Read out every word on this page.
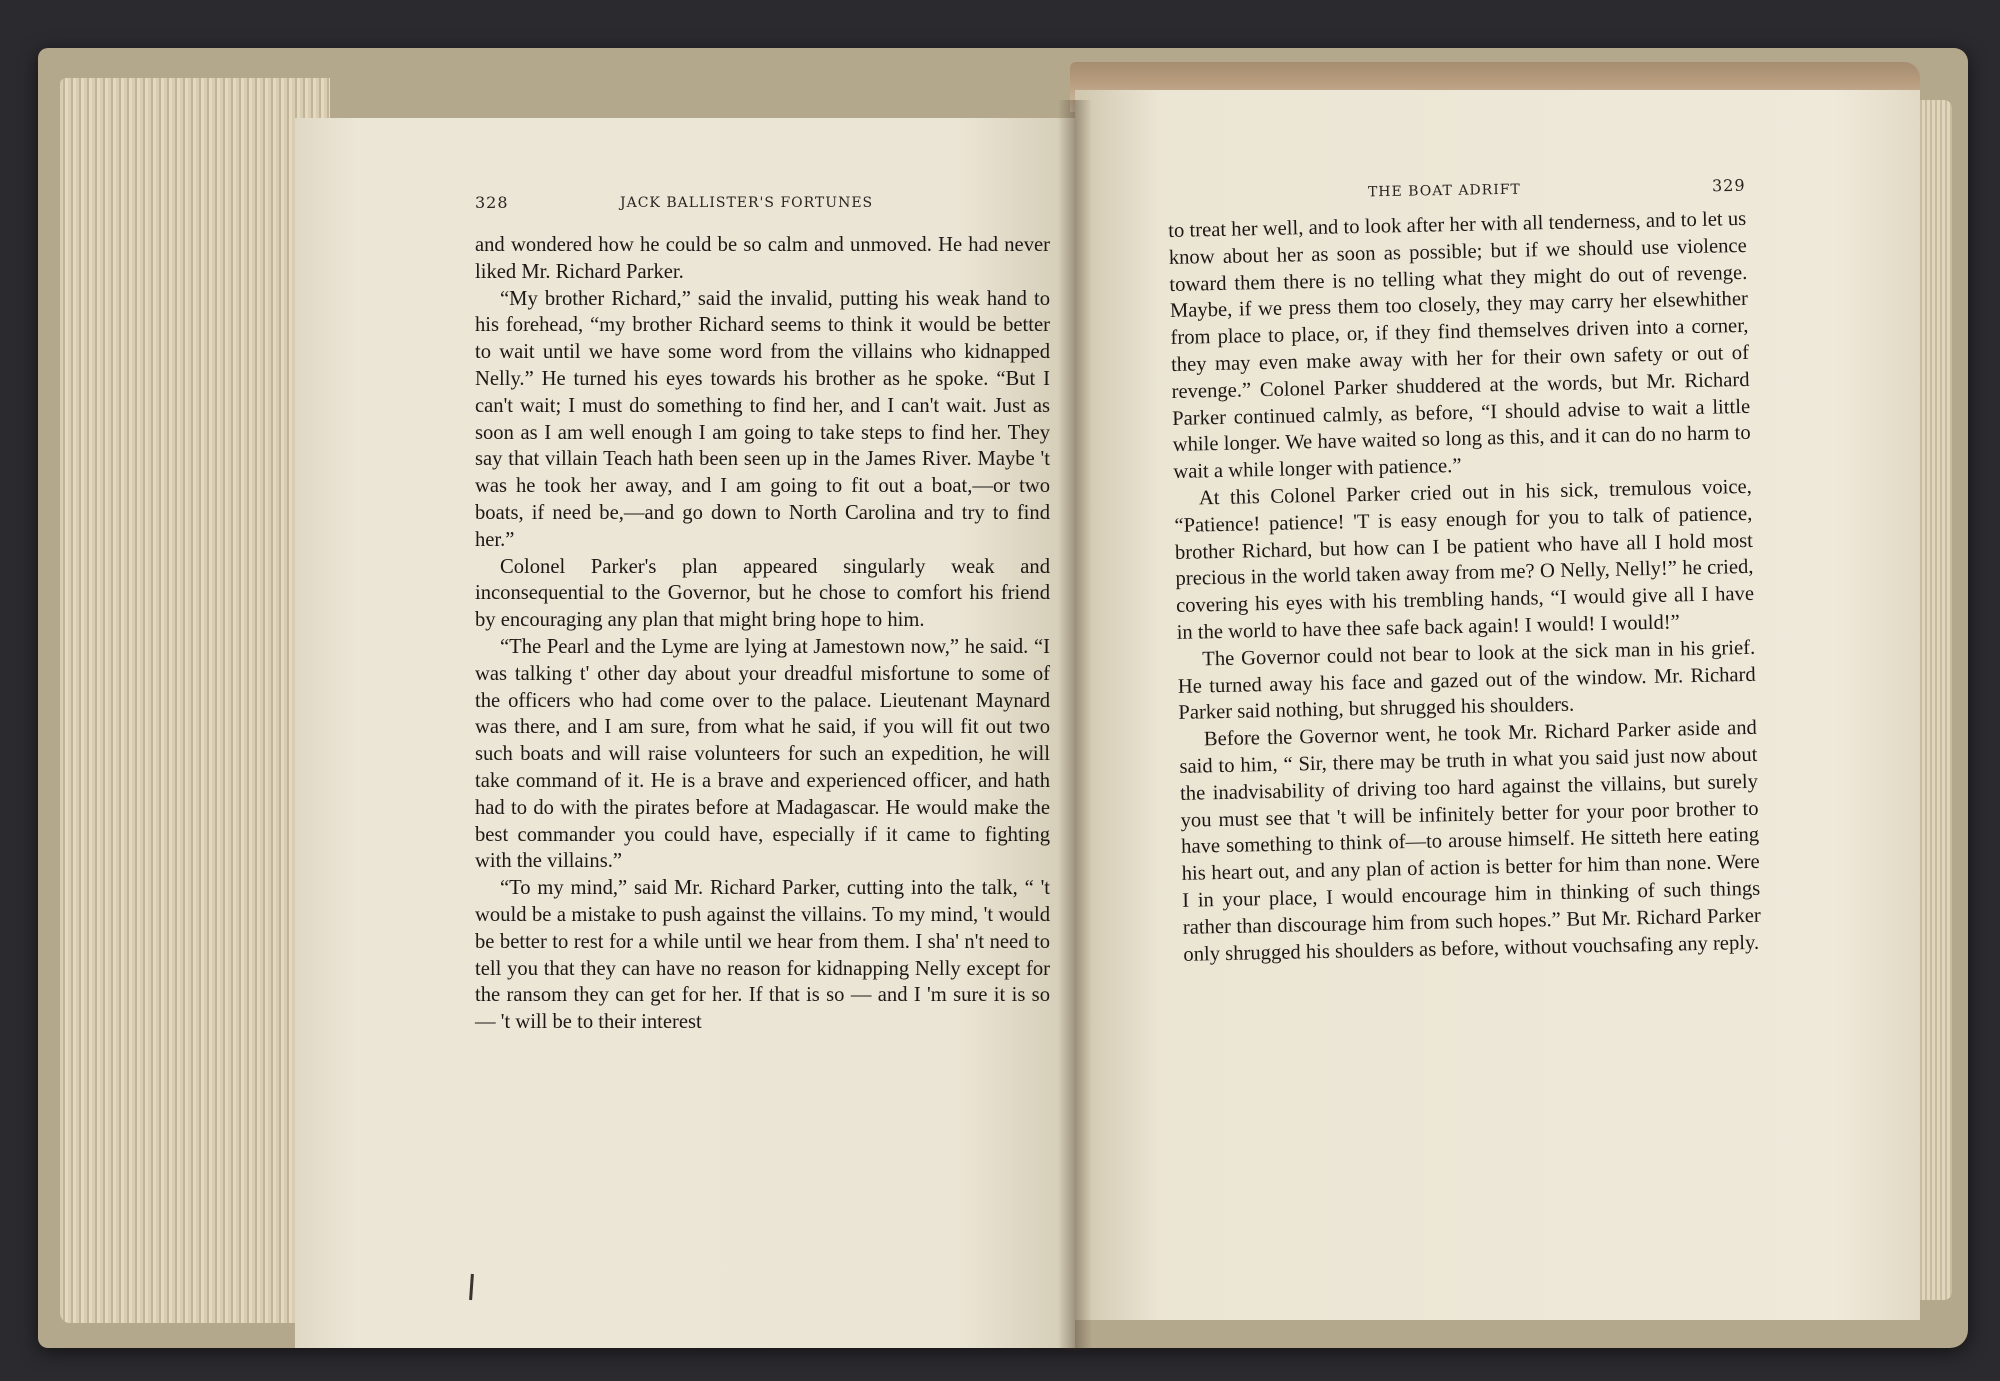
328	JACK BALLISTER'S FORTUNES

and wondered how he could be so calm and unmoved. He had never liked Mr. Richard Parker.

“My brother Richard,” said the invalid, putting his weak hand to his forehead, “my brother Richard seems to think it would be better to wait until we have some word from the villains who kidnapped Nelly.” He turned his eyes towards his brother as he spoke. “But I can't wait; I must do something to find her, and I can't wait. Just as soon as I am well enough I am going to take steps to find her. They say that villain Teach hath been seen up in the James River. Maybe 't was he took her away, and I am going to fit out a boat,—or two boats, if need be,—and go down to North Carolina and try to find her.”

Colonel Parker's plan appeared singularly weak and inconsequential to the Governor, but he chose to comfort his friend by encouraging any plan that might bring hope to him.

“The Pearl and the Lyme are lying at Jamestown now,” he said. “I was talking t' other day about your dreadful misfortune to some of the officers who had come over to the palace. Lieutenant Maynard was there, and I am sure, from what he said, if you will fit out two such boats and will raise volunteers for such an expedition, he will take command of it. He is a brave and experienced officer, and hath had to do with the pirates before at Madagascar. He would make the best commander you could have, especially if it came to fighting with the villains.”

“To my mind,” said Mr. Richard Parker, cutting into the talk, “ 't would be a mistake to push against the villains. To my mind, 't would be better to rest for a while until we hear from them. I sha' n't need to tell you that they can have no reason for kidnapping Nelly except for the ransom they can get for her. If that is so — and I 'm sure it is so — 't will be to their interest

THE BOAT ADRIFT	329

to treat her well, and to look after her with all tenderness, and to let us know about her as soon as possible; but if we should use violence toward them there is no telling what they might do out of revenge. Maybe, if we press them too closely, they may carry her elsewhither from place to place, or, if they find themselves driven into a corner, they may even make away with her for their own safety or out of revenge.” Colonel Parker shuddered at the words, but Mr. Richard Parker continued calmly, as before, “I should advise to wait a little while longer. We have waited so long as this, and it can do no harm to wait a while longer with patience.”

At this Colonel Parker cried out in his sick, tremulous voice, “Patience! patience! 'T is easy enough for you to talk of patience, brother Richard, but how can I be patient who have all I hold most precious in the world taken away from me? O Nelly, Nelly!” he cried, covering his eyes with his trembling hands, “I would give all I have in the world to have thee safe back again! I would! I would!”

The Governor could not bear to look at the sick man in his grief. He turned away his face and gazed out of the window. Mr. Richard Parker said nothing, but shrugged his shoulders.

Before the Governor went, he took Mr. Richard Parker aside and said to him, “ Sir, there may be truth in what you said just now about the inadvisability of driving too hard against the villains, but surely you must see that 't will be infinitely better for your poor brother to have something to think of—to arouse himself. He sitteth here eating his heart out, and any plan of action is better for him than none. Were I in your place, I would encourage him in thinking of such things rather than discourage him from such hopes.” But Mr. Richard Parker only shrugged his shoulders as before, without vouchsafing any reply.
